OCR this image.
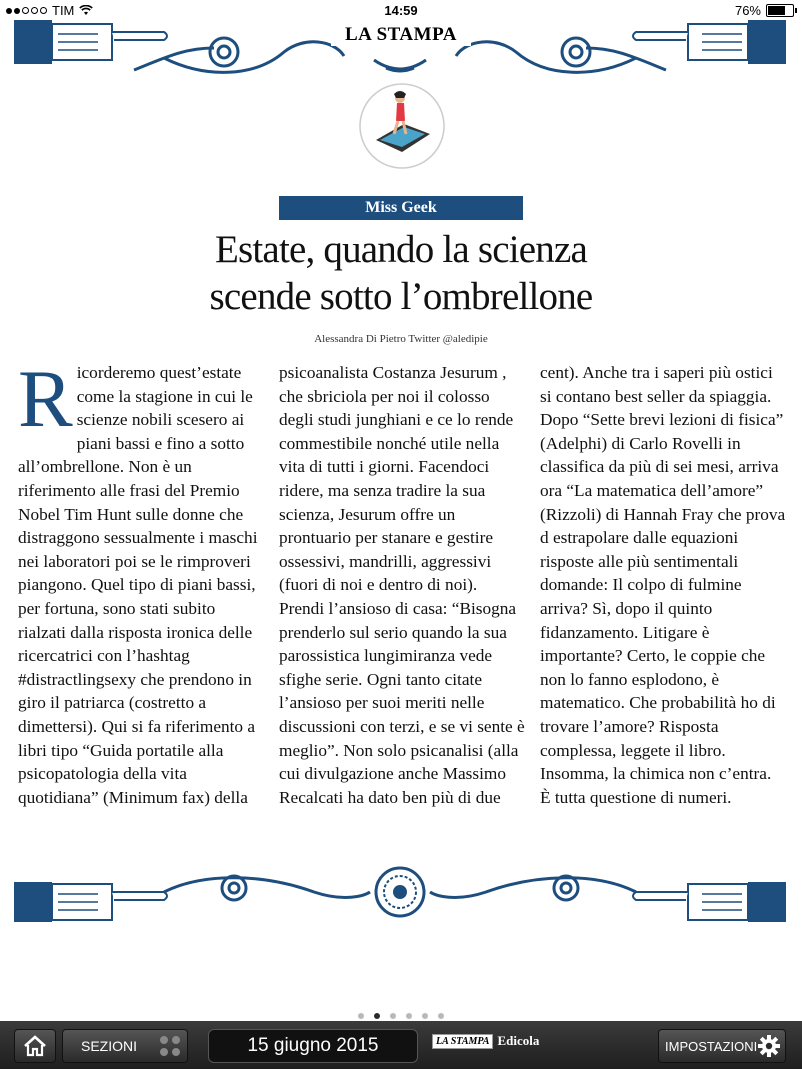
TIM	14:59	76%
LA STAMPA
Miss Geek
Estate, quando la scienza
scende sotto l’ombrellone
Alessandra Di Pietro Twitter @aledipie
Ricorderemo quest’estate come la stagione in cui le scienze nobili scesero ai piani bassi e fino a sotto all’ombrellone. Non è un riferimento alle frasi del Premio Nobel Tim Hunt sulle donne che distraggono sessualmente i maschi nei laboratori poi se le rimproveri piangono. Quel tipo di piani bassi, per fortuna, sono stati subito rialzati dalla risposta ironica delle ricercatrici con l’hashtag #distractlingsexy che prendono in giro il patriarca (costretto a dimettersi). Qui si fa riferimento a libri tipo “Guida portatile alla psicopatologia della vita quotidiana” (Minimum fax) della
psicoanalista Costanza Jesurum , che sbriciola per noi il colosso degli studi junghiani e ce lo rende commestibile nonché utile nella vita di tutti i giorni. Facendoci ridere, ma senza tradire la sua scienza, Jesurum offre un prontuario per stanare e gestire ossessivi, mandrilli, aggressivi (fuori di noi e dentro di noi). Prendi l’ansioso di casa: “Bisogna prenderlo sul serio quando la sua parossistica lungimiranza vede sfighe serie. Ogni tanto citate l’ansioso per suoi meriti nelle discussioni con terzi, e se vi sente è meglio”. Non solo psicanalisi (alla cui divulgazione anche Massimo Recalcati ha dato ben più di due
cent). Anche tra i saperi più ostici si contano best seller da spiaggia. Dopo “Sette brevi lezioni di fisica” (Adelphi) di Carlo Rovelli in classifica da più di sei mesi, arriva ora “La matematica dell’amore” (Rizzoli) di Hannah Fray che prova d estrapolare dalle equazioni risposte alle più sentimentali domande: Il colpo di fulmine arriva? Sì, dopo il quinto fidanzamento. Litigare è importante? Certo, le coppie che non lo fanno esplodono, è matematico. Che probabilità ho di trovare l’amore? Risposta complessa, leggete il libro. Insomma, la chimica non c’entra. È tutta questione di numeri.
SEZIONI	15 giugno 2015	LA STAMPA Edicola	IMPOSTAZIONI
